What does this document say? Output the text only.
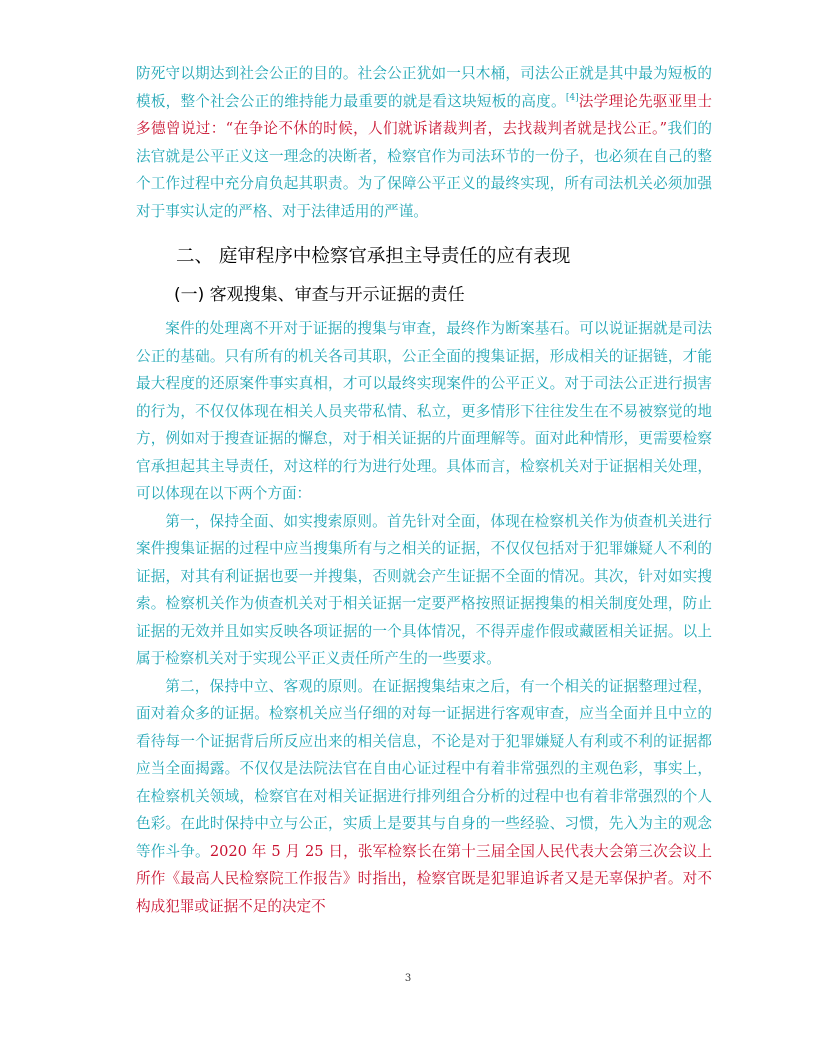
防死守以期达到社会公正的目的。社会公正犹如一只木桶，司法公正就是其中最为短板的模板，整个社会公正的维持能力最重要的就是看这块短板的高度。[4]法学理论先驱亚里士多德曾说过：“在争论不休的时候，人们就诉诸裁判者，去找裁判者就是找公正。”我们的法官就是公平正义这一理念的决断者，检察官作为司法环节的一份子，也必须在自己的整个工作过程中充分肩负起其职责。为了保障公平正义的最终实现，所有司法机关必须加强对于事实认定的严格、对于法律适用的严谨。

二、 庭审程序中检察官承担主导责任的应有表现
(一) 客观搜集、审查与开示证据的责任

案件的处理离不开对于证据的搜集与审查，最终作为断案基石。可以说证据就是司法公正的基础。只有所有的机关各司其职，公正全面的搜集证据，形成相关的证据链，才能最大程度的还原案件事实真相，才可以最终实现案件的公平正义。对于司法公正进行损害的行为，不仅仅体现在相关人员夹带私情、私立，更多情形下往往发生在不易被察觉的地方，例如对于搜查证据的懈怠，对于相关证据的片面理解等。面对此种情形，更需要检察官承担起其主导责任，对这样的行为进行处理。具体而言，检察机关对于证据相关处理，可以体现在以下两个方面：

第一，保持全面、如实搜索原则。首先针对全面，体现在检察机关作为侦查机关进行案件搜集证据的过程中应当搜集所有与之相关的证据，不仅仅包括对于犯罪嫌疑人不利的证据，对其有利证据也要一并搜集，否则就会产生证据不全面的情况。其次，针对如实搜索。检察机关作为侦查机关对于相关证据一定要严格按照证据搜集的相关制度处理，防止证据的无效并且如实反映各项证据的一个具体情况，不得弄虚作假或藏匿相关证据。以上属于检察机关对于实现公平正义责任所产生的一些要求。

第二，保持中立、客观的原则。在证据搜集结束之后，有一个相关的证据整理过程，面对着众多的证据。检察机关应当仔细的对每一证据进行客观审查，应当全面并且中立的看待每一个证据背后所反应出来的相关信息，不论是对于犯罪嫌疑人有利或不利的证据都应当全面揭露。不仅仅是法院法官在自由心证过程中有着非常强烈的主观色彩，事实上，在检察机关领域，检察官在对相关证据进行排列组合分析的过程中也有着非常强烈的个人色彩。在此时保持中立与公正，实质上是要其与自身的一些经验、习惯，先入为主的观念等作斗争。2020 年 5 月 25 日，张军检察长在第十三届全国人民代表大会第三次会议上所作《最高人民检察院工作报告》时指出，检察官既是犯罪追诉者又是无辜保护者。对不构成犯罪或证据不足的决定不

3
